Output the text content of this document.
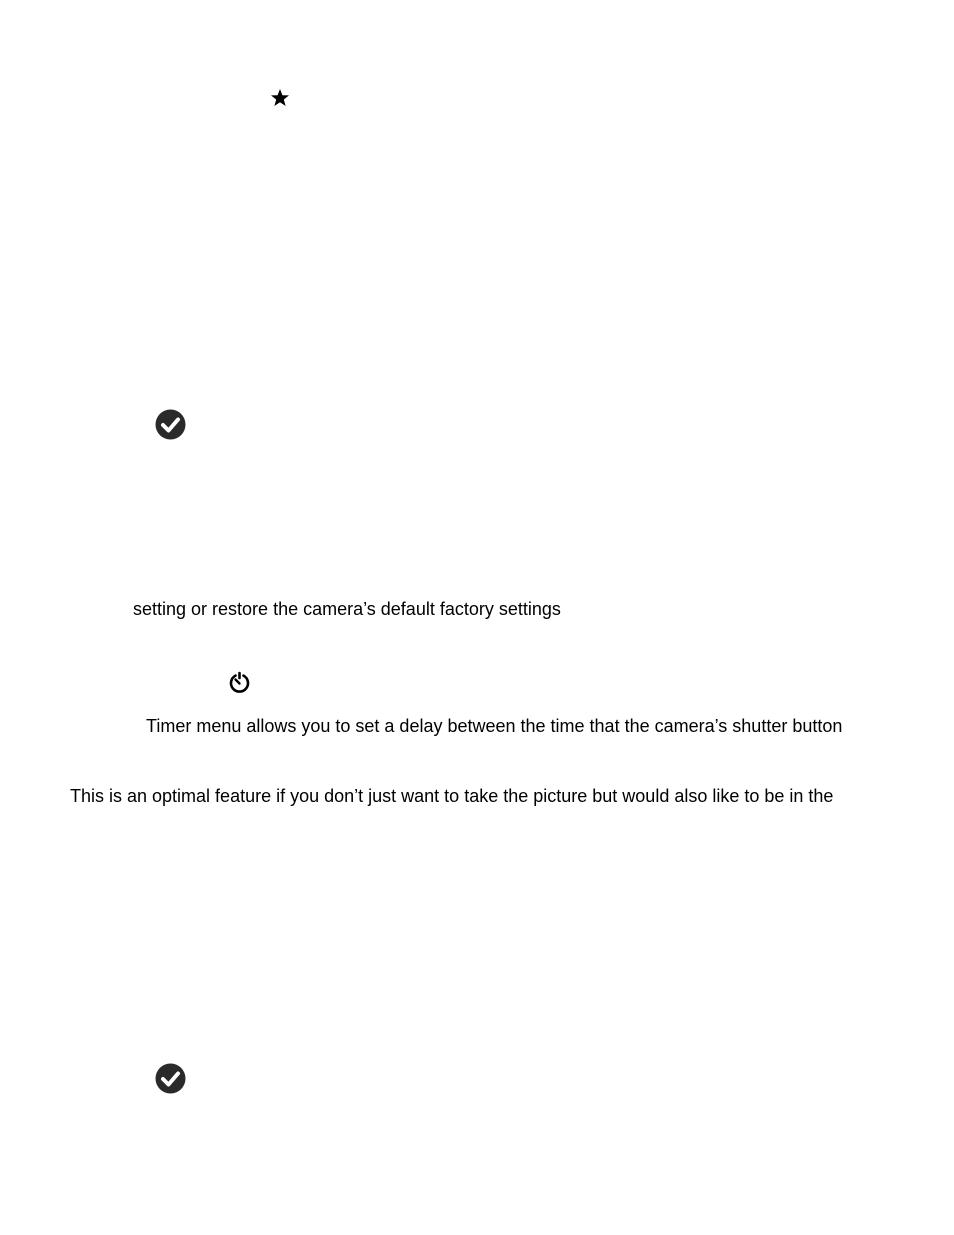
setting or restore the camera’s default factory settings
Timer menu allows you to set a delay between the time that the camera’s shutter button
This is an optimal feature if you don’t just want to take the picture but would also like to be in the
